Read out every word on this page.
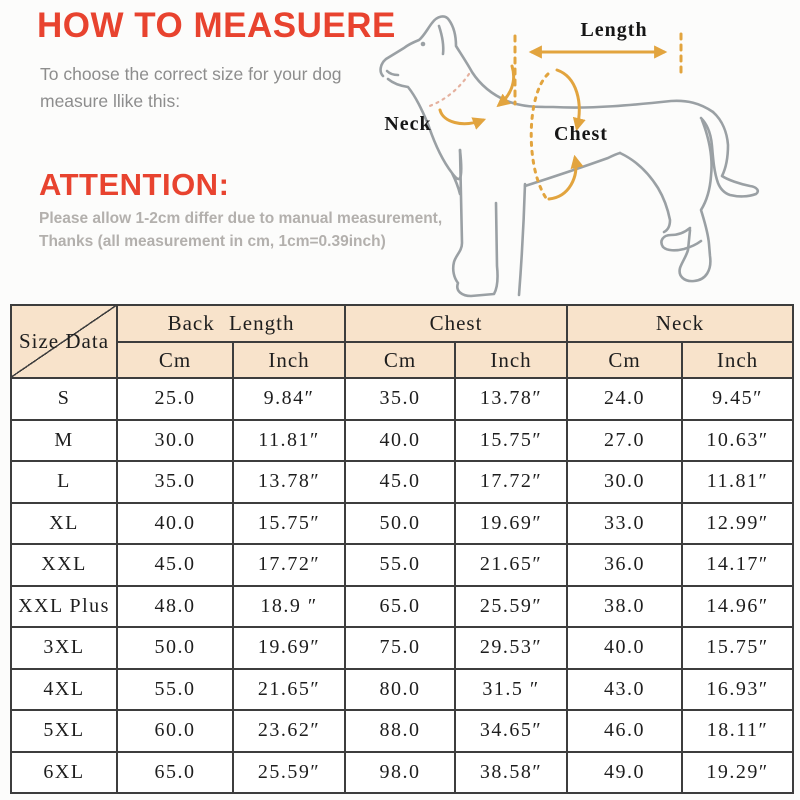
HOW TO MEASUERE
To choose the correct size for your dog
measure llike this:
ATTENTION:
Please allow 1-2cm differ due to manual measurement,
Thanks (all measurement in cm, 1cm=0.39inch)
Length
Neck	Chest
Size Data	Back Length		Chest		Neck	
	Cm	Inch	Cm	Inch	Cm	Inch
S	25.0	9.84″	35.0	13.78″	24.0	9.45″
M	30.0	11.81″	40.0	15.75″	27.0	10.63″
L	35.0	13.78″	45.0	17.72″	30.0	11.81″
XL	40.0	15.75″	50.0	19.69″	33.0	12.99″
XXL	45.0	17.72″	55.0	21.65″	36.0	14.17″
XXL Plus	48.0	18.9 ″	65.0	25.59″	38.0	14.96″
3XL	50.0	19.69″	75.0	29.53″	40.0	15.75″
4XL	55.0	21.65″	80.0	31.5 ″	43.0	16.93″
5XL	60.0	23.62″	88.0	34.65″	46.0	18.11″
6XL	65.0	25.59″	98.0	38.58″	49.0	19.29″
